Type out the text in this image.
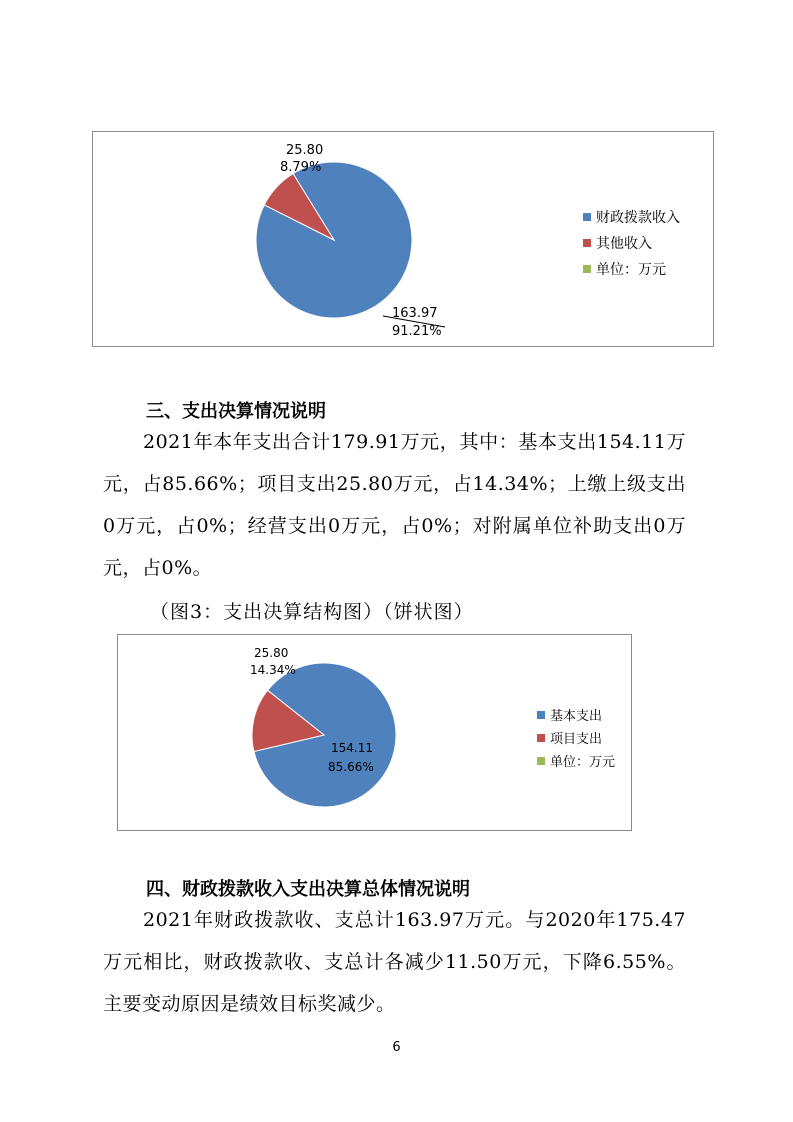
25.80
8.79%
163.97
91.21%
财政拨款收入
其他收入
单位：万元
三、支出决算情况说明

2021年本年支出合计179.91万元，其中：基本支出154.11万元，占85.66%；项目支出25.80万元，占14.34%；上缴上级支出0万元，占0%；经营支出0万元，占0%；对附属单位补助支出0万元，占0%。

（图3：支出决算结构图）（饼状图）
25.80
14.34%
154.11
85.66%
基本支出
项目支出
单位：万元
四、财政拨款收入支出决算总体情况说明

2021年财政拨款收、支总计163.97万元。与2020年175.47万元相比，财政拨款收、支总计各减少11.50万元，下降6.55%。主要变动原因是绩效目标奖减少。

6
